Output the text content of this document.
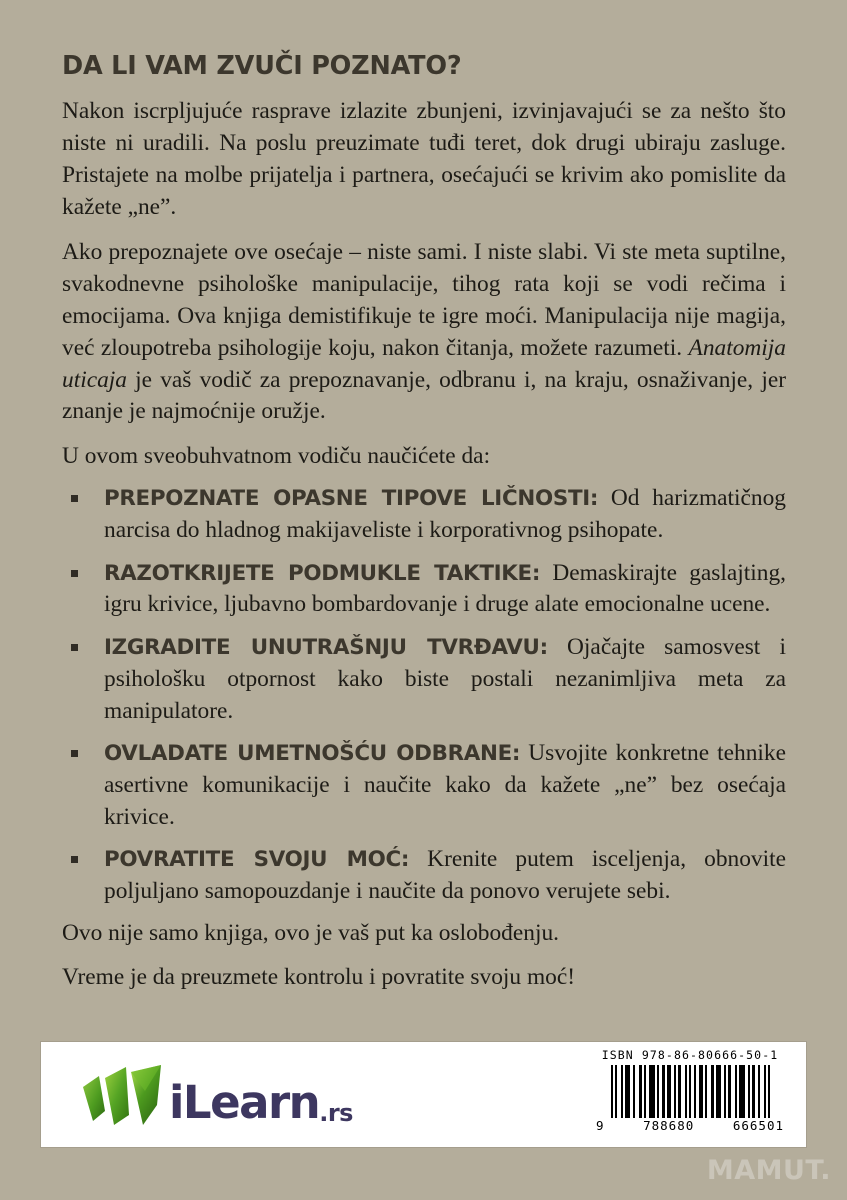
DA LI VAM ZVUČI POZNATO?

Nakon iscrpljujuće rasprave izlazite zbunjeni, izvinjavajući se za nešto što niste ni uradili. Na poslu preuzimate tuđi teret, dok drugi ubiraju zasluge. Pristajete na molbe prijatelja i partnera, osećajući se krivim ako pomislite da kažete „ne”.

Ako prepoznajete ove osećaje – niste sami. I niste slabi. Vi ste meta suptilne, svakodnevne psihološke manipulacije, tihog rata koji se vodi rečima i emocijama. Ova knjiga demistifikuje te igre moći. Manipulacija nije magija, već zloupotreba psihologije koju, nakon čitanja, možete razumeti. Anatomija uticaja je vaš vodič za prepoznavanje, odbranu i, na kraju, osnaživanje, jer znanje je najmoćnije oružje.

U ovom sveobuhvatnom vodiču naučićete da:

PREPOZNATE OPASNE TIPOVE LIČNOSTI: Od harizmatičnog narcisa do hladnog makijaveliste i korporativnog psihopate.
RAZOTKRIJETE PODMUKLE TAKTIKE: Demaskirajte gaslajting, igru krivice, ljubavno bombardovanje i druge alate emocionalne ucene.
IZGRADITE UNUTRAŠNJU TVRĐAVU: Ojačajte samosvest i psihološku otpornost kako biste postali nezanimljiva meta za manipulatore.
OVLADATE UMETNOŠĆU ODBRANE: Usvojite konkretne tehnike asertivne komunikacije i naučite kako da kažete „ne” bez osećaja krivice.
POVRATITE SVOJU MOĆ: Krenite putem isceljenja, obnovite poljuljano samopouzdanje i naučite da ponovo verujete sebi.

Ovo nije samo knjiga, ovo je vaš put ka oslobođenju.

Vreme je da preuzmete kontrolu i povratite svoju moć!

iLearn .rs
ISBN 978-86-80666-50-1
9	788680	666501
MAMUT.
